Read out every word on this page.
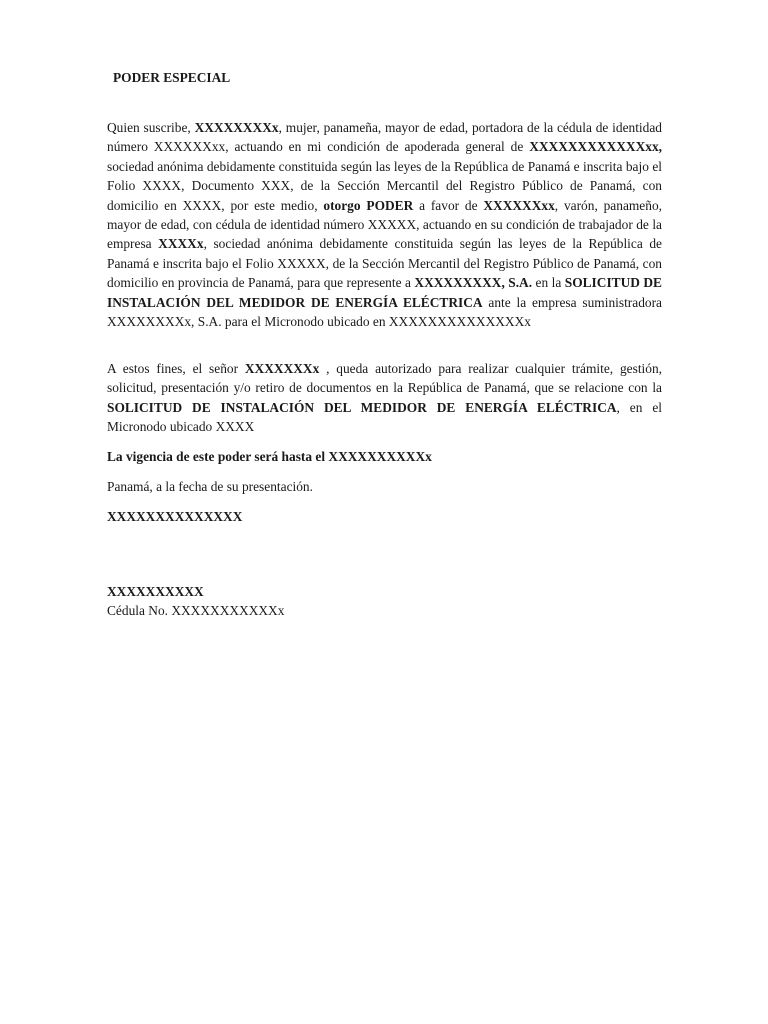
PODER ESPECIAL

Quien suscribe, XXXXXXXXx, mujer, panameña, mayor de edad, portadora de la cédula de identidad número XXXXXXxx, actuando en mi condición de apoderada general de XXXXXXXXXXXXxx, sociedad anónima debidamente constituida según las leyes de la República de Panamá e inscrita bajo el Folio XXXX, Documento XXX, de la Sección Mercantil del Registro Público de Panamá, con domicilio en XXXX, por este medio, otorgo PODER a favor de XXXXXXxx, varón, panameño, mayor de edad, con cédula de identidad número XXXXX, actuando en su condición de trabajador de la empresa XXXXx, sociedad anónima debidamente constituida según las leyes de la República de Panamá e inscrita bajo el Folio XXXXX, de la Sección Mercantil del Registro Público de Panamá, con domicilio en provincia de Panamá, para que represente a XXXXXXXXX, S.A. en la SOLICITUD DE INSTALACIÓN DEL MEDIDOR DE ENERGÍA ELÉCTRICA ante la empresa suministradora XXXXXXXXx, S.A. para el Micronodo ubicado en XXXXXXXXXXXXXXx

A estos fines, el señor XXXXXXXx , queda autorizado para realizar cualquier trámite, gestión, solicitud, presentación y/o retiro de documentos en la República de Panamá, que se relacione con la SOLICITUD DE INSTALACIÓN DEL MEDIDOR DE ENERGÍA ELÉCTRICA, en el Micronodo ubicado XXXX

La vigencia de este poder será hasta el XXXXXXXXXXx

Panamá, a la fecha de su presentación.

XXXXXXXXXXXXXX

XXXXXXXXXX

Cédula No. XXXXXXXXXXXx
